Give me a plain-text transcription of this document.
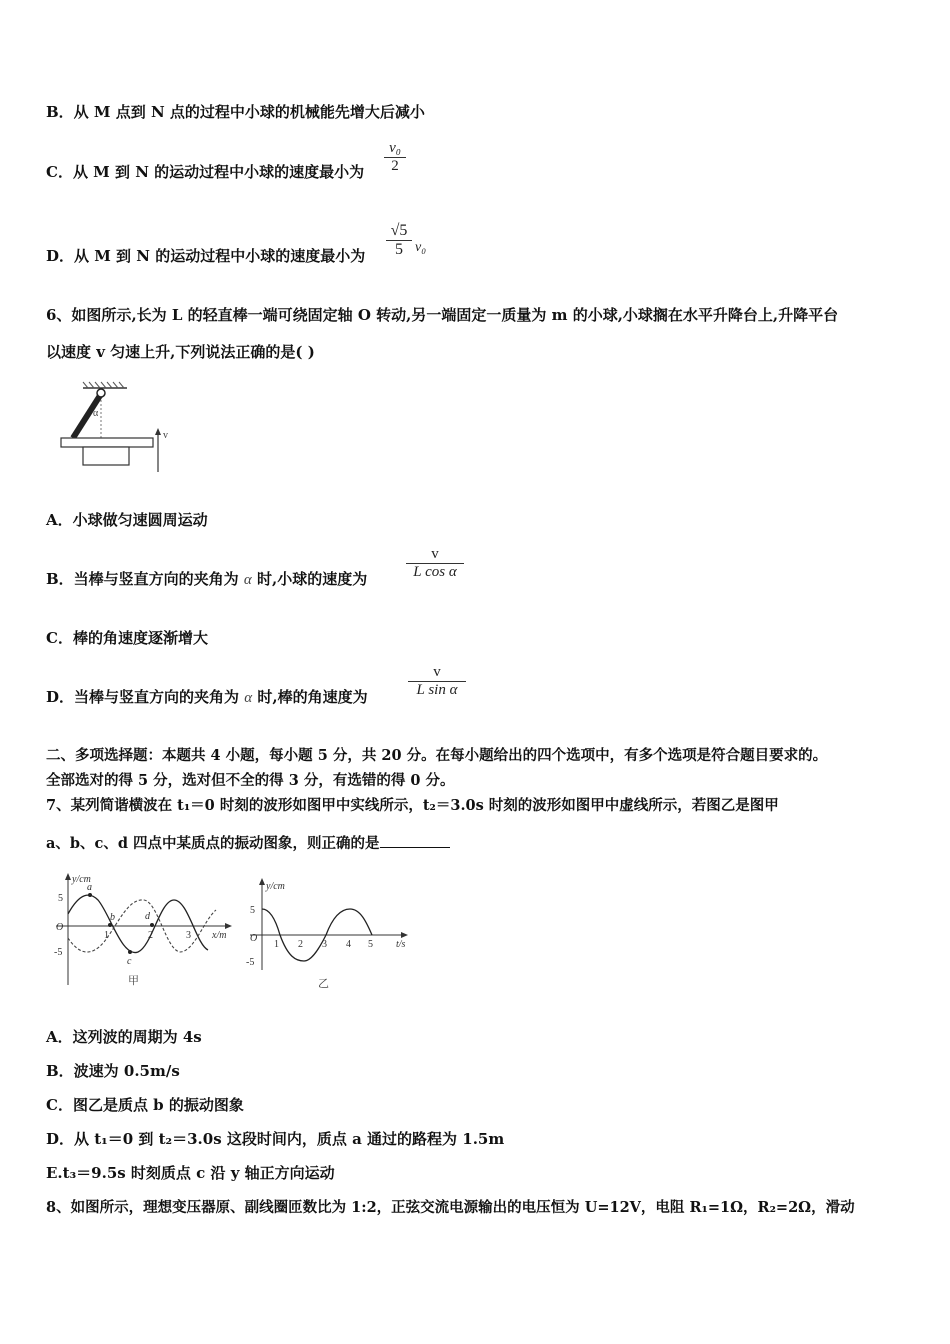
B．从 M 点到 N 点的过程中小球的机械能先增大后减小
C．从 M 到 N 的运动过程中小球的速度最小为
v₀
2
D．从 M 到 N 的运动过程中小球的速度最小为
√5
5 v₀
6、如图所示,长为 L 的轻直棒一端可绕固定轴 O 转动,另一端固定一质量为 m 的小球,小球搁在水平升降台上,升降平台
以速度 v 匀速上升,下列说法正确的是( )
α
v
A．小球做匀速圆周运动
B．当棒与竖直方向的夹角为 α 时,小球的速度为
v
L cos α
C．棒的角速度逐渐增大
D．当棒与竖直方向的夹角为 α 时,棒的角速度为
v
L sin α
二、多项选择题：本题共 4 小题，每小题 5 分，共 20 分。在每小题给出的四个选项中，有多个选项是符合题目要求的。
全部选对的得 5 分，选对但不全的得 3 分，有选错的得 0 分。
7、某列简谐横波在 t₁＝0 时刻的波形如图甲中实线所示，t₂＝3.0s 时刻的波形如图甲中虚线所示，若图乙是图甲
a、b、c、d 四点中某质点的振动图象，则正确的是
y/cm
x/m
O
5
-5
1	2	3
a
b
c
d
甲
y/cm
t/s
O
5
-5
1 2 3 4 5
乙
A．这列波的周期为 4s
B．波速为 0.5m/s
C．图乙是质点 b 的振动图象
D．从 t₁＝0 到 t₂＝3.0s 这段时间内，质点 a 通过的路程为 1.5m
E.t₃＝9.5s 时刻质点 c 沿 y 轴正方向运动
8、如图所示，理想变压器原、副线圈匝数比为 1:2，正弦交流电源输出的电压恒为 U=12V，电阻 R₁=1Ω，R₂=2Ω，滑动
